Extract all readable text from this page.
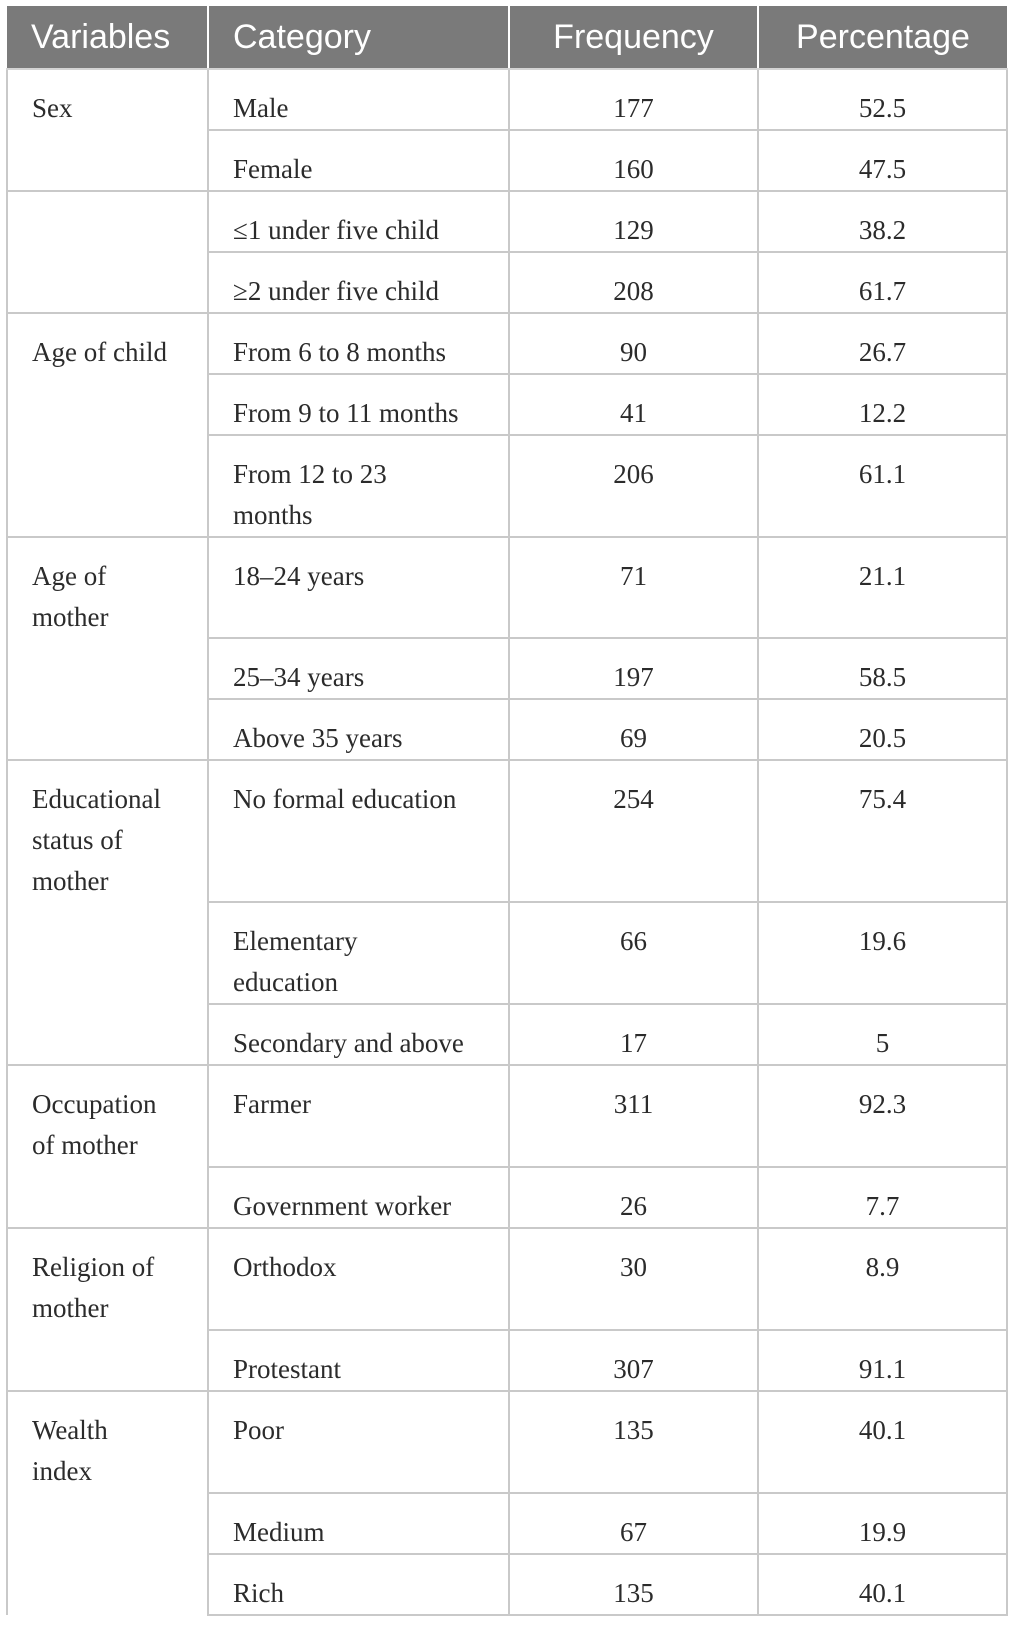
Variables	Category	Frequency	Percentage
Sex	Male	177	52.5
	Female	160	47.5
	≤1 under five child	129	38.2
	≥2 under five child	208	61.7
Age of child	From 6 to 8 months	90	26.7
	From 9 to 11 months	41	12.2
	From 12 to 23 months	206	61.1
Age of mother	18–24 years	71	21.1
	25–34 years	197	58.5
	Above 35 years	69	20.5
Educational status of mother	No formal education	254	75.4
	Elementary education	66	19.6
	Secondary and above	17	5
Occupation of mother	Farmer	311	92.3
	Government worker	26	7.7
Religion of mother	Orthodox	30	8.9
	Protestant	307	91.1
Wealth index	Poor	135	40.1
	Medium	67	19.9
	Rich	135	40.1
